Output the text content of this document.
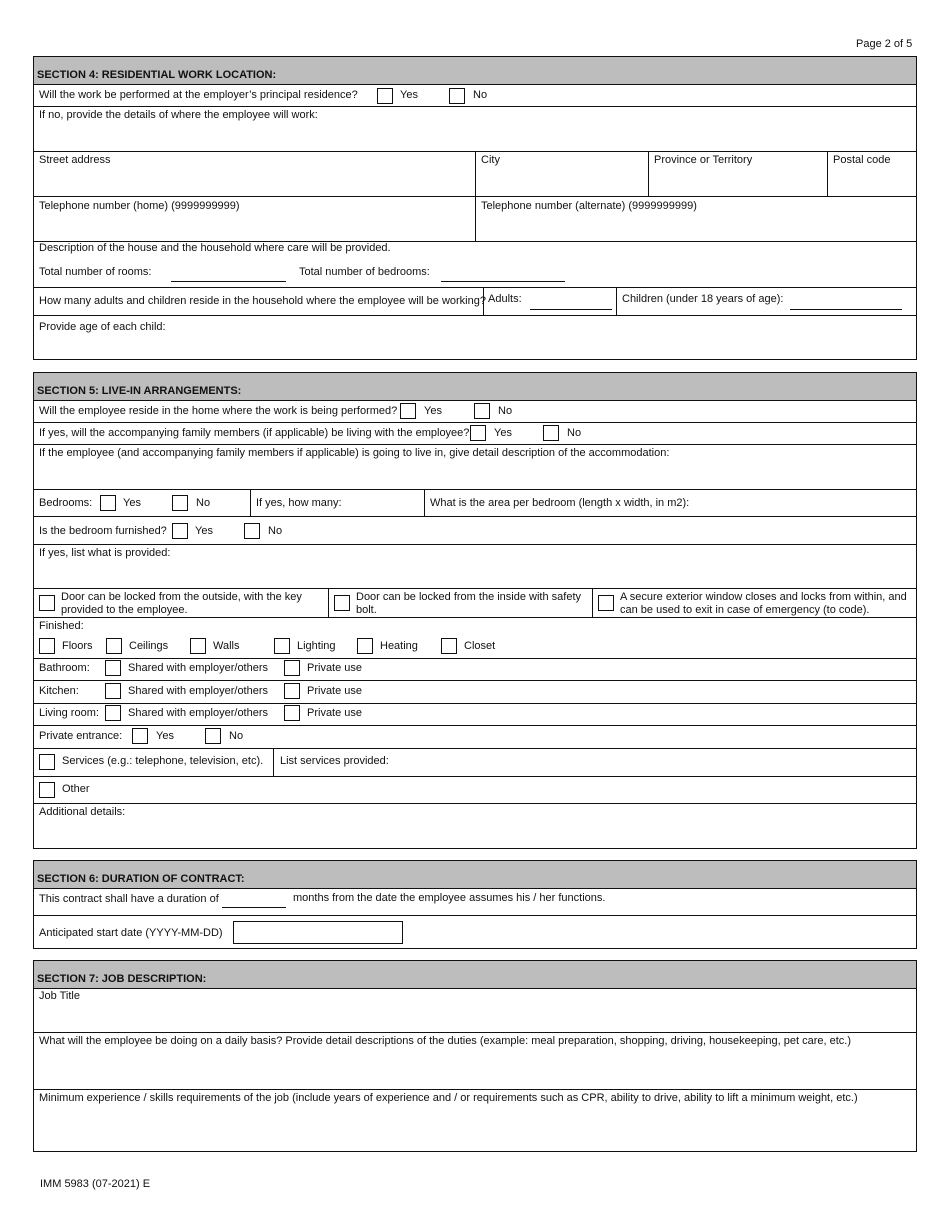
Page 2 of 5
SECTION 4: RESIDENTIAL WORK LOCATION:
Will the work be performed at the employer’s principal residence?	Yes	No
If no, provide the details of where the employee will work:
Street address	City	Province or Territory	Postal code
Telephone number (home) (9999999999)	Telephone number (alternate) (9999999999)
Description of the house and the household where care will be provided.
Total number of rooms:	Total number of bedrooms:
How many adults and children reside in the household where the employee will be working? Adults:	Children (under 18 years of age):
Provide age of each child:
SECTION 5: LIVE-IN ARRANGEMENTS:
Will the employee reside in the home where the work is being performed? Yes	No
If yes, will the accompanying family members (if applicable) be living with the employee? Yes	No
If the employee (and accompanying family members if applicable) is going to live in, give detail description of the accommodation:
Bedrooms:	Yes	No	If yes, how many:	What is the area per bedroom (length x width, in m2):
Is the bedroom furnished?	Yes	No
If yes, list what is provided:
Door can be locked from the outside, with the key provided to the employee.
Door can be locked from the inside with safety bolt.
A secure exterior window closes and locks from within, and can be used to exit in case of emergency (to code).
Finished:
Floors	Ceilings	Walls	Lighting	Heating	Closet
Bathroom:	Shared with employer/others	Private use
Kitchen:	Shared with employer/others	Private use
Living room:	Shared with employer/others	Private use
Private entrance:	Yes	No
Services (e.g.: telephone, television, etc). List services provided:
Other
Additional details:
SECTION 6: DURATION OF CONTRACT:
This contract shall have a duration of	months from the date the employee assumes his / her functions.
Anticipated start date (YYYY-MM-DD)
SECTION 7: JOB DESCRIPTION:
Job Title
What will the employee be doing on a daily basis? Provide detail descriptions of the duties (example: meal preparation, shopping, driving, housekeeping, pet care, etc.)
Minimum experience / skills requirements of the job (include years of experience and / or requirements such as CPR, ability to drive, ability to lift a minimum weight, etc.)
IMM 5983 (07-2021) E
